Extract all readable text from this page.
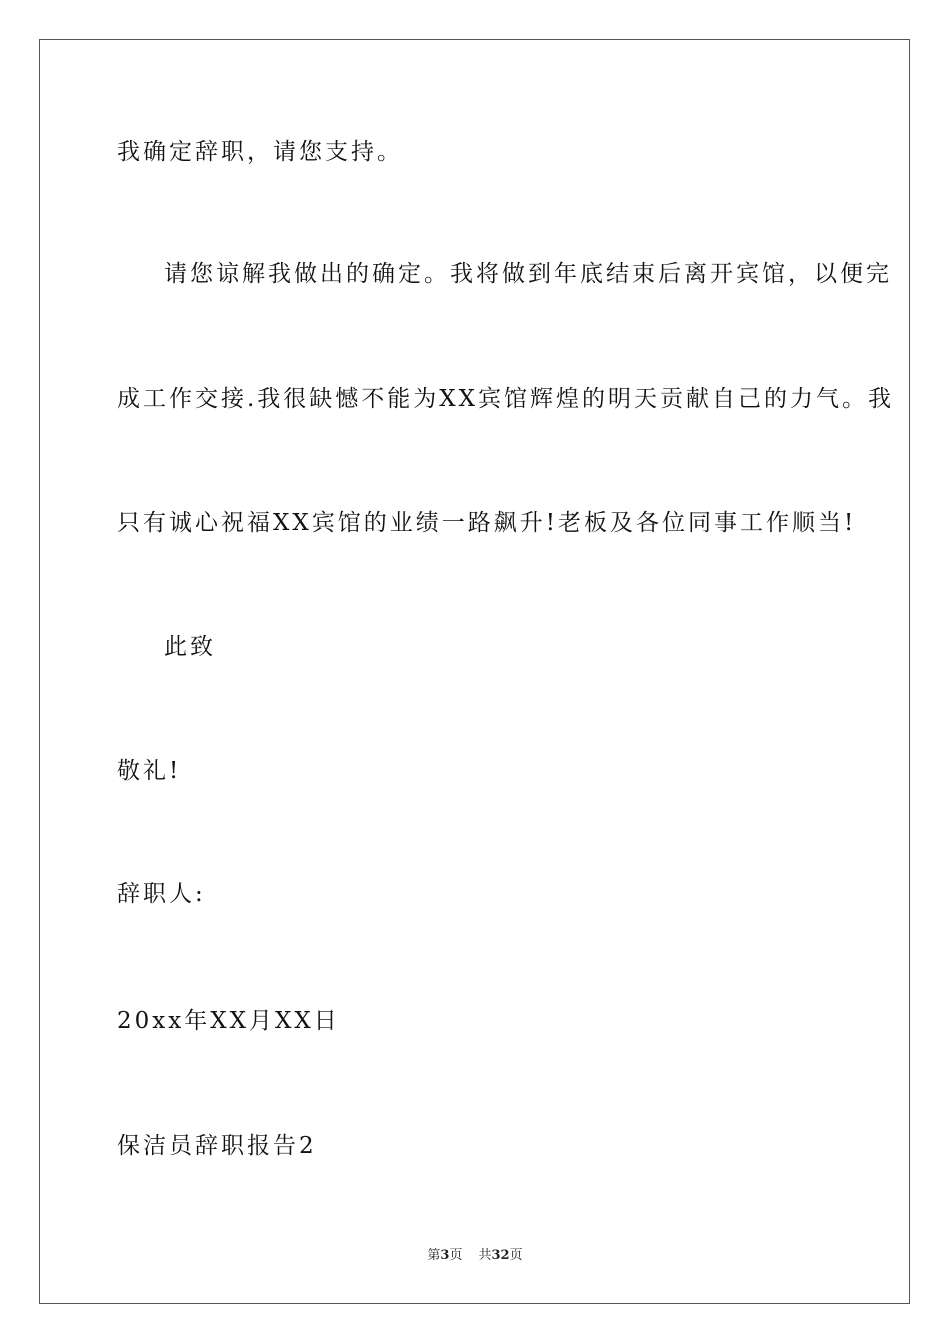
我确定辞职，请您支持。
请您谅解我做出的确定。我将做到年底结束后离开宾馆，以便完
成工作交接.我很缺憾不能为XX宾馆辉煌的明天贡献自己的力气。我
只有诚心祝福XX宾馆的业绩一路飙升!老板及各位同事工作顺当!
此致
敬礼!
辞职人:
20xx年XX月XX日
保洁员辞职报告2
第3页 共32页
